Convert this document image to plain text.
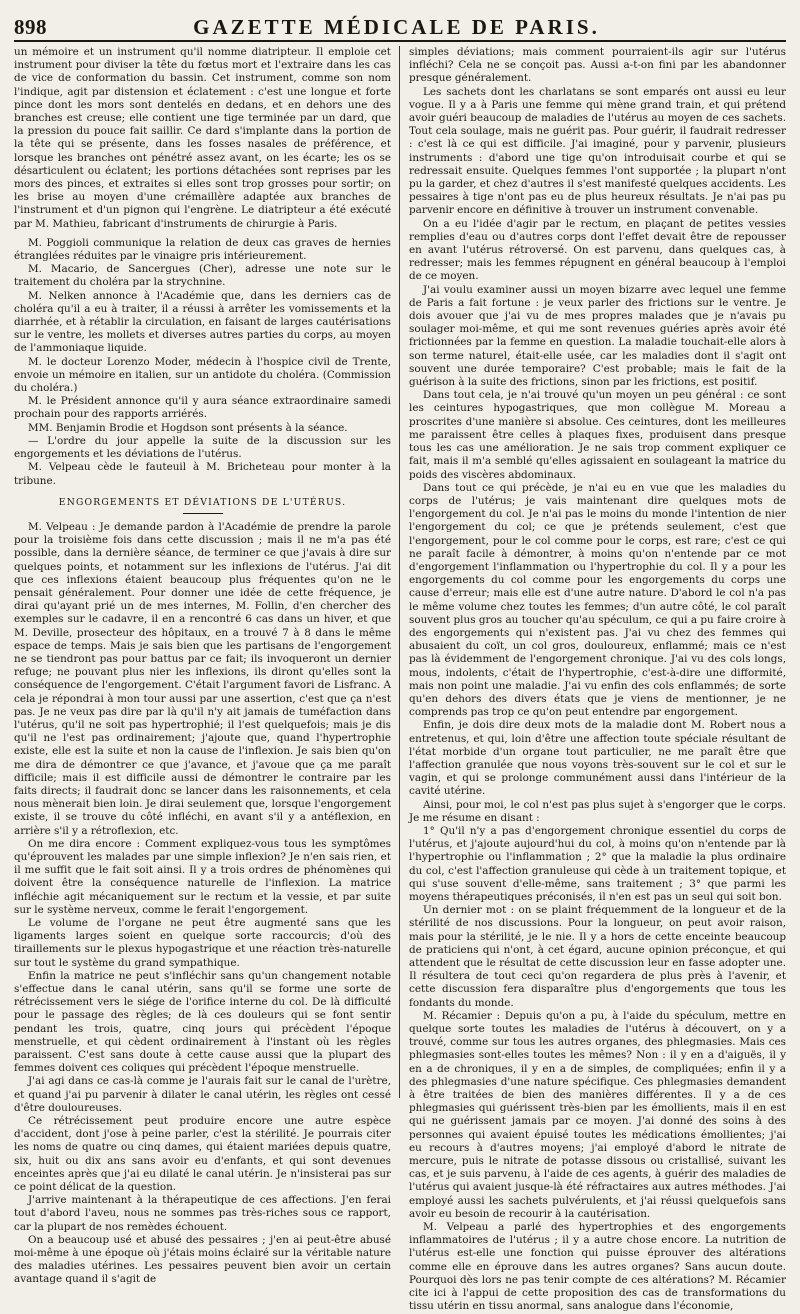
898	GAZETTE MÉDICALE DE PARIS.

un mémoire et un instrument qu'il nomme diatripteur. Il emploie cet instrument pour diviser la tête du fœtus mort et l'extraire dans les cas de vice de conformation du bassin. Cet instrument, comme son nom l'indique, agit par distension et éclatement : c'est une longue et forte pince dont les mors sont dentelés en dedans, et en dehors une des branches est creuse; elle contient une tige terminée par un dard, que la pression du pouce fait saillir. Ce dard s'implante dans la portion de la tête qui se présente, dans les fosses nasales de préférence, et lorsque les branches ont pénétré assez avant, on les écarte; les os se désarticulent ou éclatent; les portions détachées sont reprises par les mors des pinces, et extraites si elles sont trop grosses pour sortir; on les brise au moyen d'une crémaillère adaptée aux branches de l'instrument et d'un pignon qui l'engrène. Le diatripteur a été exécuté par M. Mathieu, fabricant d'instruments de chirurgie à Paris.

M. Poggioli communique la relation de deux cas graves de hernies étranglées réduites par le vinaigre pris intérieurement.

M. Macario, de Sancergues (Cher), adresse une note sur le traitement du choléra par la strychnine.

M. Nelken annonce à l'Académie que, dans les derniers cas de choléra qu'il a eu à traiter, il a réussi à arrêter les vomissements et la diarrhée, et à rétablir la circulation, en faisant de larges cautérisations sur le ventre, les mollets et diverses autres parties du corps, au moyen de l'ammoniaque liquide.

M. le docteur Lorenzo Moder, médecin à l'hospice civil de Trente, envoie un mémoire en italien, sur un antidote du choléra. (Commission du choléra.)

M. le Président annonce qu'il y aura séance extraordinaire samedi prochain pour des rapports arriérés.

MM. Benjamin Brodie et Hogdson sont présents à la séance.

— L'ordre du jour appelle la suite de la discussion sur les engorgements et les déviations de l'utérus.

M. Velpeau cède le fauteuil à M. Bricheteau pour monter à la tribune.

ENGORGEMENTS ET DÉVIATIONS DE L'UTÉRUS.

M. Velpeau : Je demande pardon à l'Académie de prendre la parole pour la troisième fois dans cette discussion ; mais il ne m'a pas été possible, dans la dernière séance, de terminer ce que j'avais à dire sur quelques points, et notamment sur les inflexions de l'utérus. J'ai dit que ces inflexions étaient beaucoup plus fréquentes qu'on ne le pensait généralement. Pour donner une idée de cette fréquence, je dirai qu'ayant prié un de mes internes, M. Follin, d'en chercher des exemples sur le cadavre, il en a rencontré 6 cas dans un hiver, et que M. Deville, prosecteur des hôpitaux, en a trouvé 7 à 8 dans le même espace de temps. Mais je sais bien que les partisans de l'engorgement ne se tiendront pas pour battus par ce fait; ils invoqueront un dernier refuge; ne pouvant plus nier les inflexions, ils diront qu'elles sont la conséquence de l'engorgement. C'était l'argument favori de Lisfranc. A cela je répondrai à mon tour aussi par une assertion, c'est que ça n'est pas. Je ne veux pas dire par là qu'il n'y ait jamais de tuméfaction dans l'utérus, qu'il ne soit pas hypertrophié; il l'est quelquefois; mais je dis qu'il ne l'est pas ordinairement; j'ajoute que, quand l'hypertrophie existe, elle est la suite et non la cause de l'inflexion. Je sais bien qu'on me dira de démontrer ce que j'avance, et j'avoue que ça me paraît difficile; mais il est difficile aussi de démontrer le contraire par les faits directs; il faudrait donc se lancer dans les raisonnements, et cela nous mènerait bien loin. Je dirai seulement que, lorsque l'engorgement existe, il se trouve du côté infléchi, en avant s'il y a antéflexion, en arrière s'il y a rétroflexion, etc.

On me dira encore : Comment expliquez-vous tous les symptômes qu'éprouvent les malades par une simple inflexion? Je n'en sais rien, et il me suffit que le fait soit ainsi. Il y a trois ordres de phénomènes qui doivent être la conséquence naturelle de l'inflexion. La matrice infléchie agit mécaniquement sur le rectum et la vessie, et par suite sur le système nerveux, comme le ferait l'engorgement.

Le volume de l'organe ne peut être augmenté sans que les ligaments larges soient en quelque sorte raccourcis; d'où des tiraillements sur le plexus hypogastrique et une réaction très-naturelle sur tout le système du grand sympathique.

Enfin la matrice ne peut s'infléchir sans qu'un changement notable s'effectue dans le canal utérin, sans qu'il se forme une sorte de rétrécissement vers le siége de l'orifice interne du col. De là difficulté pour le passage des règles; de là ces douleurs qui se font sentir pendant les trois, quatre, cinq jours qui précèdent l'époque menstruelle, et qui cèdent ordinairement à l'instant où les règles paraissent. C'est sans doute à cette cause aussi que la plupart des femmes doivent ces coliques qui précèdent l'époque menstruelle.

J'ai agi dans ce cas-là comme je l'aurais fait sur le canal de l'urètre, et quand j'ai pu parvenir à dilater le canal utérin, les règles ont cessé d'être douloureuses.

Ce rétrécissement peut produire encore une autre espèce d'accident, dont j'ose à peine parler, c'est la stérilité. Je pourrais citer les noms de quatre ou cinq dames, qui étaient mariées depuis quatre, six, huit ou dix ans sans avoir eu d'enfants, et qui sont devenues enceintes après que j'ai eu dilaté le canal utérin. Je n'insisterai pas sur ce point délicat de la question.

J'arrive maintenant à la thérapeutique de ces affections. J'en ferai tout d'abord l'aveu, nous ne sommes pas très-riches sous ce rapport, car la plupart de nos remèdes échouent.

On a beaucoup usé et abusé des pessaires ; j'en ai peut-être abusé moi-même à une époque où j'étais moins éclairé sur la véritable nature des maladies utérines. Les pessaires peuvent bien avoir un certain avantage quand il s'agit de

simples déviations; mais comment pourraient-ils agir sur l'utérus infléchi? Cela ne se conçoit pas. Aussi a-t-on fini par les abandonner presque généralement.

Les sachets dont les charlatans se sont emparés ont aussi eu leur vogue. Il y a à Paris une femme qui mène grand train, et qui prétend avoir guéri beaucoup de maladies de l'utérus au moyen de ces sachets. Tout cela soulage, mais ne guérit pas. Pour guérir, il faudrait redresser : c'est là ce qui est difficile. J'ai imaginé, pour y parvenir, plusieurs instruments : d'abord une tige qu'on introduisait courbe et qui se redressait ensuite. Quelques femmes l'ont supportée ; la plupart n'ont pu la garder, et chez d'autres il s'est manifesté quelques accidents. Les pessaires à tige n'ont pas eu de plus heureux résultats. Je n'ai pas pu parvenir encore en définitive à trouver un instrument convenable.

On a eu l'idée d'agir par le rectum, en plaçant de petites vessies remplies d'eau ou d'autres corps dont l'effet devait être de repousser en avant l'utérus rétroversé. On est parvenu, dans quelques cas, à redresser; mais les femmes répugnent en général beaucoup à l'emploi de ce moyen.

J'ai voulu examiner aussi un moyen bizarre avec lequel une femme de Paris a fait fortune : je veux parler des frictions sur le ventre. Je dois avouer que j'ai vu de mes propres malades que je n'avais pu soulager moi-même, et qui me sont revenues guéries après avoir été frictionnées par la femme en question. La maladie touchait-elle alors à son terme naturel, était-elle usée, car les maladies dont il s'agit ont souvent une durée temporaire? C'est probable; mais le fait de la guérison à la suite des frictions, sinon par les frictions, est positif.

Dans tout cela, je n'ai trouvé qu'un moyen un peu général : ce sont les ceintures hypogastriques, que mon collègue M. Moreau a proscrites d'une manière si absolue. Ces ceintures, dont les meilleures me paraissent être celles à plaques fixes, produisent dans presque tous les cas une amélioration. Je ne sais trop comment expliquer ce fait, mais il m'a semblé qu'elles agissaient en soulageant la matrice du poids des viscères abdominaux.

Dans tout ce qui précède, je n'ai eu en vue que les maladies du corps de l'utérus; je vais maintenant dire quelques mots de l'engorgement du col. Je n'ai pas le moins du monde l'intention de nier l'engorgement du col; ce que je prétends seulement, c'est que l'engorgement, pour le col comme pour le corps, est rare; c'est ce qui ne paraît facile à démontrer, à moins qu'on n'entende par ce mot d'engorgement l'inflammation ou l'hypertrophie du col. Il y a pour les engorgements du col comme pour les engorgements du corps une cause d'erreur; mais elle est d'une autre nature. D'abord le col n'a pas le même volume chez toutes les femmes; d'un autre côté, le col paraît souvent plus gros au toucher qu'au spéculum, ce qui a pu faire croire à des engorgements qui n'existent pas. J'ai vu chez des femmes qui abusaient du coït, un col gros, douloureux, enflammé; mais ce n'est pas là évidemment de l'engorgement chronique. J'ai vu des cols longs, mous, indolents, c'était de l'hypertrophie, c'est-à-dire une difformité, mais non point une maladie. J'ai vu enfin des cols enflammés; de sorte qu'en dehors des divers états que je viens de mentionner, je ne comprends pas trop ce qu'on peut entendre par engorgement.

Enfin, je dois dire deux mots de la maladie dont M. Robert nous a entretenus, et qui, loin d'être une affection toute spéciale résultant de l'état morbide d'un organe tout particulier, ne me paraît être que l'affection granulée que nous voyons très-souvent sur le col et sur le vagin, et qui se prolonge communément aussi dans l'intérieur de la cavité utérine.

Ainsi, pour moi, le col n'est pas plus sujet à s'engorger que le corps. Je me résume en disant :

1° Qu'il n'y a pas d'engorgement chronique essentiel du corps de l'utérus, et j'ajoute aujourd'hui du col, à moins qu'on n'entende par là l'hypertrophie ou l'inflammation ; 2° que la maladie la plus ordinaire du col, c'est l'affection granuleuse qui cède à un traitement topique, et qui s'use souvent d'elle-même, sans traitement ; 3° que parmi les moyens thérapeutiques préconisés, il n'en est pas un seul qui soit bon.

Un dernier mot : on se plaint fréquemment de la longueur et de la stérilité de nos discussions. Pour la longueur, on peut avoir raison, mais pour la stérilité, je le nie. Il y a hors de cette enceinte beaucoup de praticiens qui n'ont, à cet égard, aucune opinion préconçue, et qui attendent que le résultat de cette discussion leur en fasse adopter une. Il résultera de tout ceci qu'on regardera de plus près à l'avenir, et cette discussion fera disparaître plus d'engorgements que tous les fondants du monde.

M. Récamier : Depuis qu'on a pu, à l'aide du spéculum, mettre en quelque sorte toutes les maladies de l'utérus à découvert, on y a trouvé, comme sur tous les autres organes, des phlegmasies. Mais ces phlegmasies sont-elles toutes les mêmes? Non : il y en a d'aiguës, il y en a de chroniques, il y en a de simples, de compliquées; enfin il y a des phlegmasies d'une nature spécifique. Ces phlegmasies demandent à être traitées de bien des manières différentes. Il y a de ces phlegmasies qui guérissent très-bien par les émollients, mais il en est qui ne guérissent jamais par ce moyen. J'ai donné des soins à des personnes qui avaient épuisé toutes les médications émollientes; j'ai eu recours à d'autres moyens; j'ai employé d'abord le nitrate de mercure, puis le nitrate de potasse dissous ou cristallisé, suivant les cas, et je suis parvenu, à l'aide de ces agents, à guérir des maladies de l'utérus qui avaient jusque-là été réfractaires aux autres méthodes. J'ai employé aussi les sachets pulvérulents, et j'ai réussi quelquefois sans avoir eu besoin de recourir à la cautérisation.

M. Velpeau a parlé des hypertrophies et des engorgements inflammatoires de l'utérus ; il y a autre chose encore. La nutrition de l'utérus est-elle une fonction qui puisse éprouver des altérations comme elle en éprouve dans les autres organes? Sans aucun doute. Pourquoi dès lors ne pas tenir compte de ces altérations? M. Récamier cite ici à l'appui de cette proposition des cas de transformations du tissu utérin en tissu anormal, sans analogue dans l'économie,
